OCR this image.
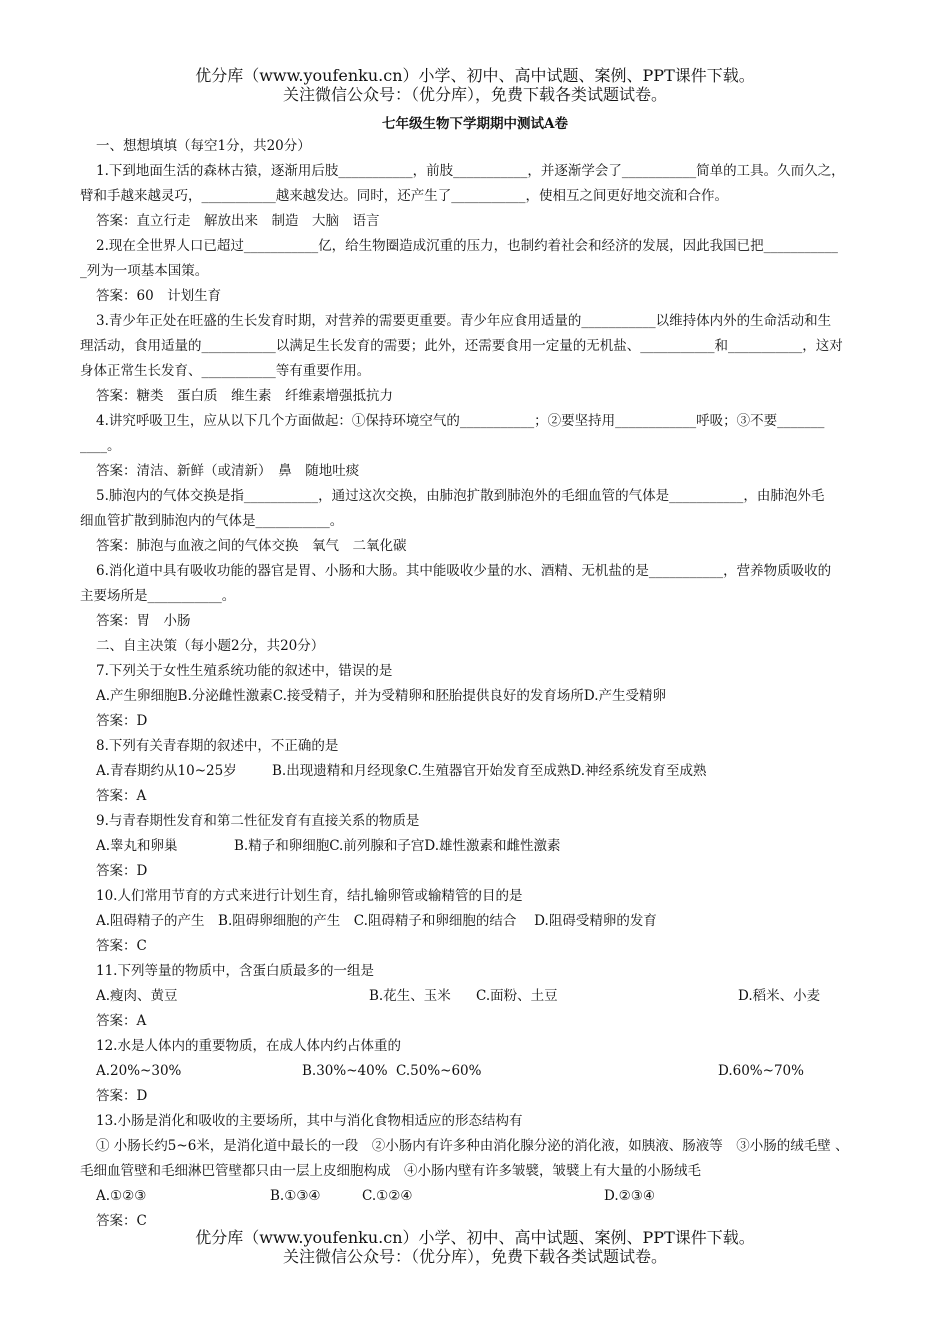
优分库（www.youfenku.cn）小学、初中、高中试题、案例、PPT课件下载。
关注微信公众号：（优分库），免费下载各类试题试卷。
七年级生物下学期期中测试A卷

一、想想填填（每空1分，共20分）

1.下到地面生活的森林古猿，逐渐用后肢___________，前肢___________，并逐渐学会了___________简单的工具。久而久之，

臂和手越来越灵巧，___________越来越发达。同时，还产生了___________，使相互之间更好地交流和合作。

答案：直立行走　解放出来　制造　大脑　语言

2.现在全世界人口已超过___________亿，给生物圈造成沉重的压力，也制约着社会和经济的发展，因此我国已把___________

_列为一项基本国策。

答案：60　计划生育

3.青少年正处在旺盛的生长发育时期，对营养的需要更重要。青少年应食用适量的___________以维持体内外的生命活动和生

理活动，食用适量的___________以满足生长发育的需要；此外，还需要食用一定量的无机盐、___________和___________，这对

身体正常生长发育、___________等有重要作用。

答案：糖类　蛋白质　维生素　纤维素增强抵抗力

4.讲究呼吸卫生，应从以下几个方面做起：①保持环境空气的___________；②要坚持用____________呼吸；③不要_______

____。

答案：清洁、新鲜（或清新）　鼻　随地吐痰

5.肺泡内的气体交换是指___________，通过这次交换，由肺泡扩散到肺泡外的毛细血管的气体是___________，由肺泡外毛

细血管扩散到肺泡内的气体是___________。

答案：肺泡与血液之间的气体交换　氧气　二氧化碳

6.消化道中具有吸收功能的器官是胃、小肠和大肠。其中能吸收少量的水、酒精、无机盐的是___________，营养物质吸收的

主要场所是___________。

答案：胃　小肠

二、自主决策（每小题2分，共20分）

7.下列关于女性生殖系统功能的叙述中，错误的是

A.产生卵细胞B.分泌雌性激素C.接受精子，并为受精卵和胚胎提供良好的发育场所D.产生受精卵

答案：D

8.下列有关青春期的叙述中，不正确的是

A.青春期约从10~25岁	B.出现遗精和月经现象C.生殖器官开始发育至成熟D.神经系统发育至成熟

答案：A

9.与青春期性发育和第二性征发育有直接关系的物质是

A.睾丸和卵巢	B.精子和卵细胞C.前列腺和子宫D.雄性激素和雌性激素

答案：D

10.人们常用节育的方式来进行计划生育，结扎输卵管或输精管的目的是

A.阻碍精子的产生　B.阻碍卵细胞的产生　C.阻碍精子和卵细胞的结合　 D.阻碍受精卵的发育

答案：C

11.下列等量的物质中，含蛋白质最多的一组是

A.瘦肉、黄豆	B.花生、玉米 C.面粉、土豆	D.稻米、小麦

答案：A

12.水是人体内的重要物质，在成人体内约占体重的

A.20%~30%	B.30%~40% C.50%~60%	D.60%~70%

答案：D

13.小肠是消化和吸收的主要场所，其中与消化食物相适应的形态结构有

① 小肠长约5~6米，是消化道中最长的一段　②小肠内有许多种由消化腺分泌的消化液，如胰液、肠液等　③小肠的绒毛壁 、

毛细血管壁和毛细淋巴管壁都只由一层上皮细胞构成　④小肠内壁有许多皱襞，皱襞上有大量的小肠绒毛

A.①②③	B.①③④	C.①②④	D.②③④

答案：C

优分库（www.youfenku.cn）小学、初中、高中试题、案例、PPT课件下载。
关注微信公众号：（优分库），免费下载各类试题试卷。
